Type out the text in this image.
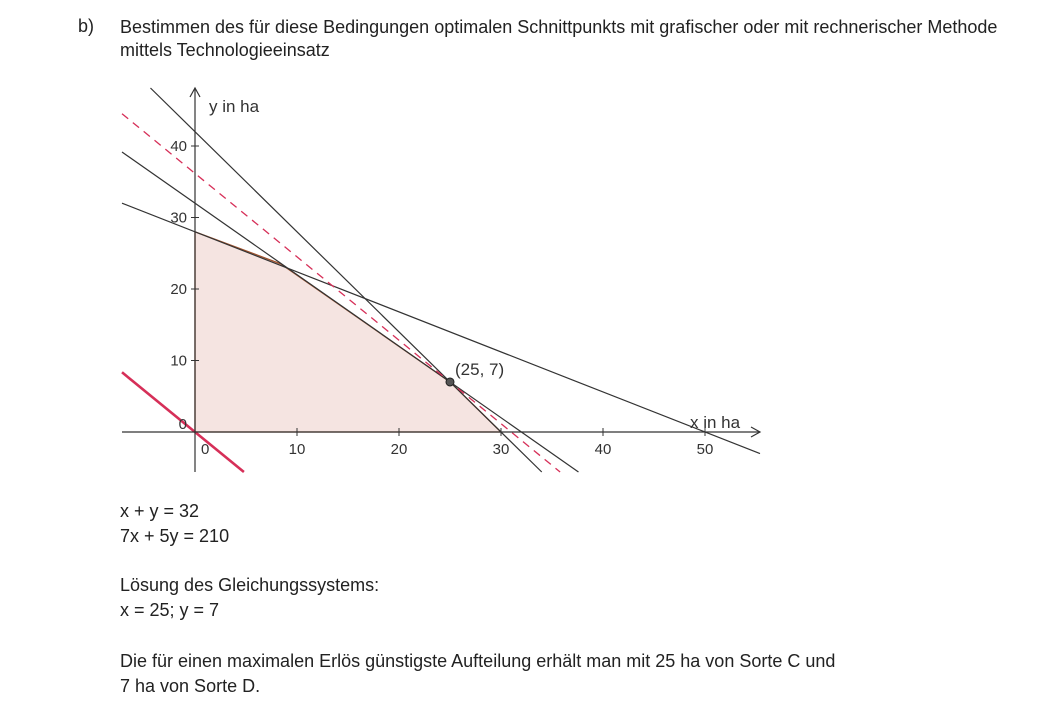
b) Bestimmen des für diese Bedingungen optimalen Schnittpunkts mit grafischer oder mit rechnerischer Methode mittels Technologieeinsatz
10	20	30	40	50
10
20
30
40
0
0
x in ha
y in ha
(25, 7)
x + y = 32
7x + 5y = 210
Lösung des Gleichungssystems:
x = 25; y = 7
Die für einen maximalen Erlös günstigste Aufteilung erhält man mit 25 ha von Sorte C und
7 ha von Sorte D.
